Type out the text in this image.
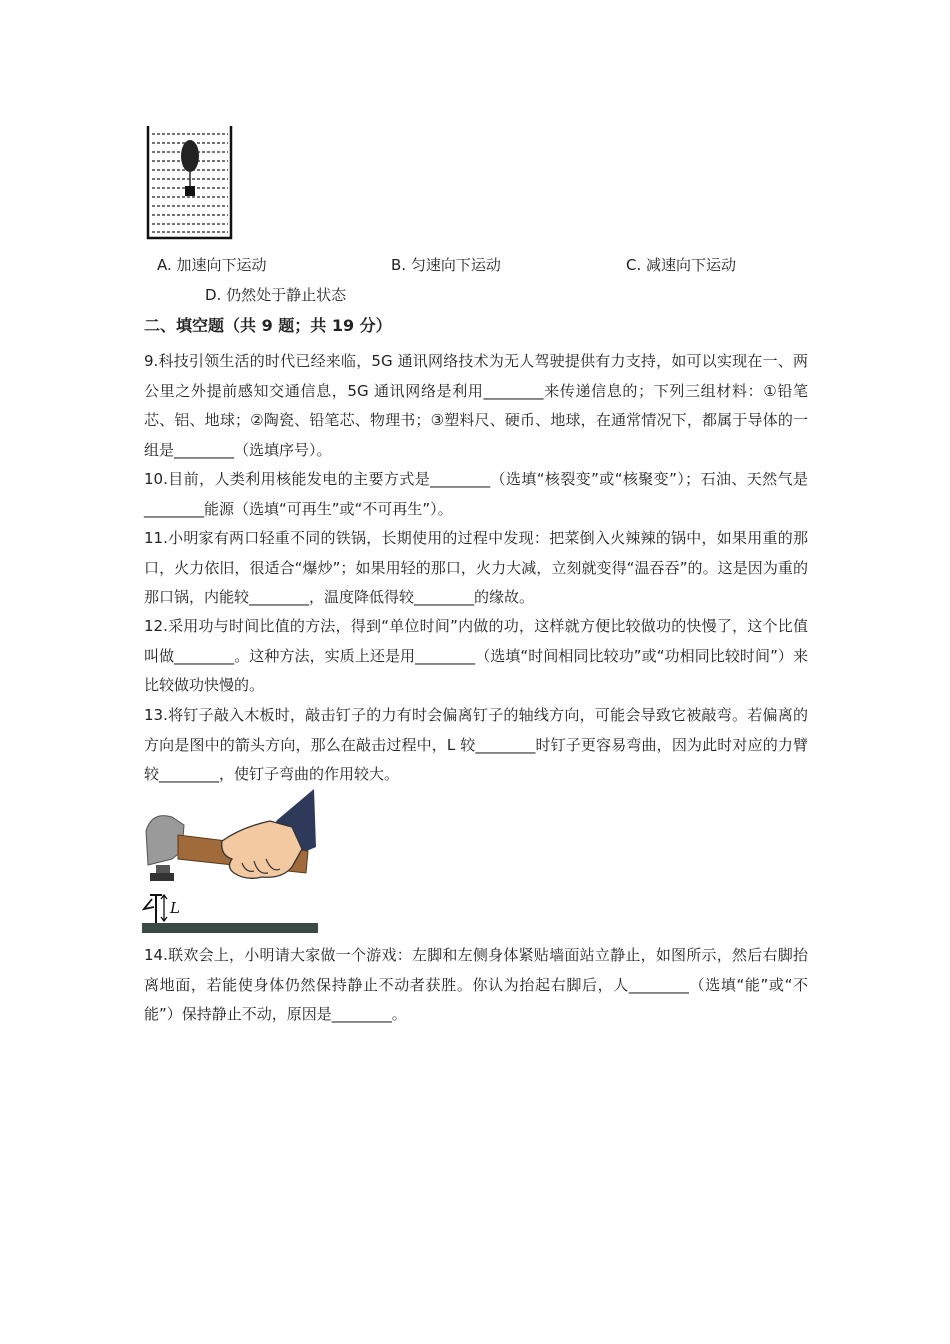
A. 加速向下运动	B. 匀速向下运动	C. 减速向下运动
D. 仍然处于静止状态
二、填空题（共 9 题；共 19 分）

9.科技引领生活的时代已经来临，5G 通讯网络技术为无人驾驶提供有力支持，如可以实现在一、两公里之外提前感知交通信息，5G 通讯网络是利用________来传递信息的；下列三组材料：①铅笔芯、铝、地球；②陶瓷、铅笔芯、物理书；③塑料尺、硬币、地球，在通常情况下，都属于导体的一组是________（选填序号）。

10.目前，人类利用核能发电的主要方式是________（选填“核裂变”或“核聚变”）；石油、天然气是________能源（选填“可再生”或“不可再生”）。

11.小明家有两口轻重不同的铁锅，长期使用的过程中发现：把菜倒入火辣辣的锅中，如果用重的那口，火力依旧，很适合“爆炒”；如果用轻的那口，火力大减，立刻就变得“温吞吞”的。这是因为重的那口锅，内能较________，温度降低得较________的缘故。

12.采用功与时间比值的方法，得到“单位时间”内做的功，这样就方便比较做功的快慢了，这个比值叫做________。这种方法，实质上还是用________（选填“时间相同比较功”或“功相同比较时间”）来比较做功快慢的。

13.将钉子敲入木板时，敲击钉子的力有时会偏离钉子的轴线方向，可能会导致它被敲弯。若偏离的方向是图中的箭头方向，那么在敲击过程中，L 较________时钉子更容易弯曲，因为此时对应的力臂较________，使钉子弯曲的作用较大。

L

14.联欢会上，小明请大家做一个游戏：左脚和左侧身体紧贴墙面站立静止，如图所示，然后右脚抬离地面，若能使身体仍然保持静止不动者获胜。你认为抬起右脚后，人________（选填“能”或“不能”）保持静止不动，原因是________。
